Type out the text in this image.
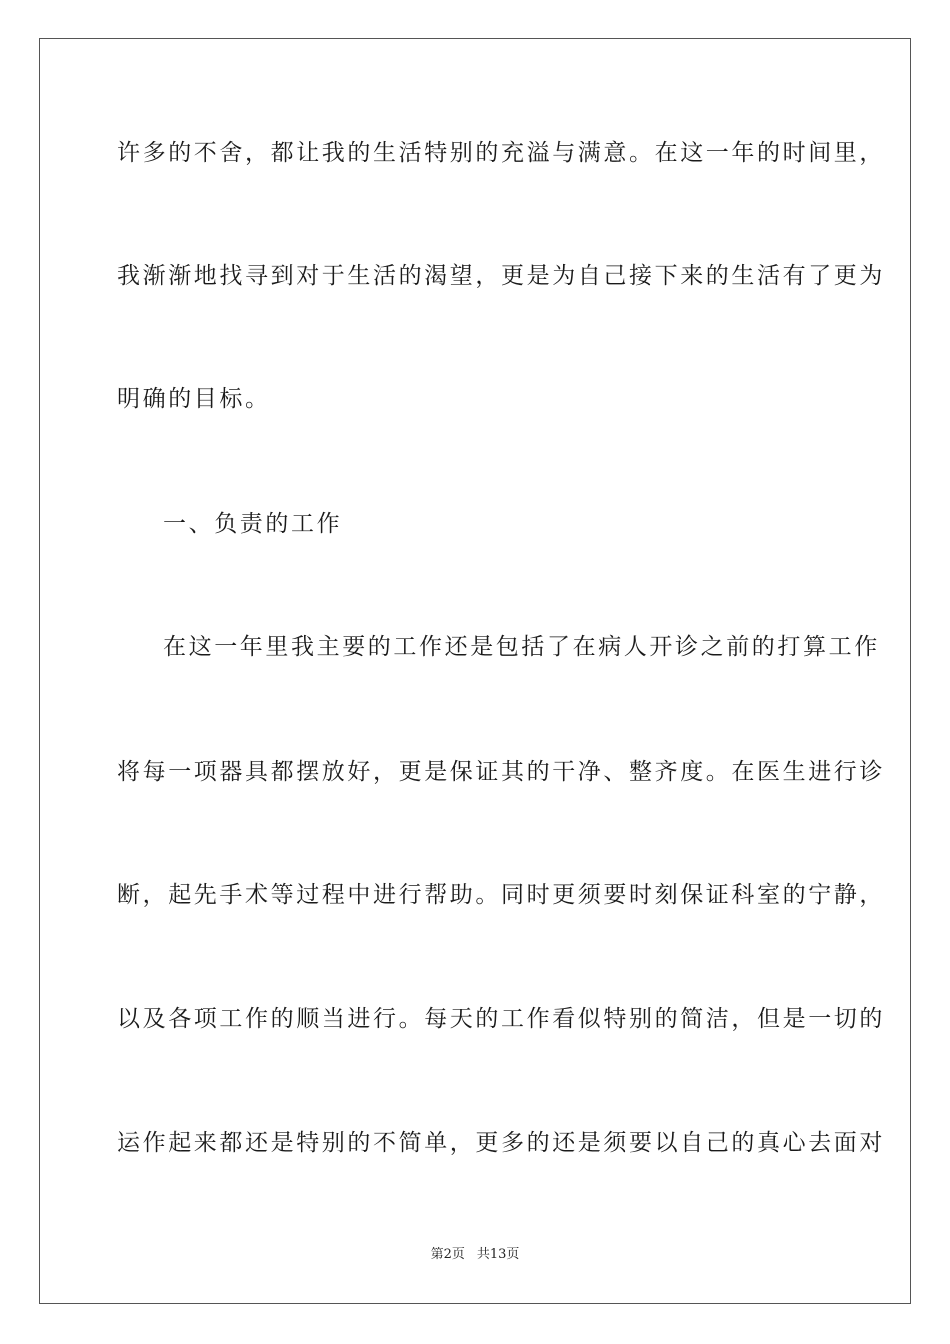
许多的不舍，都让我的生活特别的充溢与满意。在这一年的时间里，
我渐渐地找寻到对于生活的渴望，更是为自己接下来的生活有了更为
明确的目标。
一、负责的工作
在这一年里我主要的工作还是包括了在病人开诊之前的打算工作
将每一项器具都摆放好，更是保证其的干净、整齐度。在医生进行诊
断，起先手术等过程中进行帮助。同时更须要时刻保证科室的宁静，
以及各项工作的顺当进行。每天的工作看似特别的简洁，但是一切的
运作起来都还是特别的不简单，更多的还是须要以自己的真心去面对
第2页 共13页
